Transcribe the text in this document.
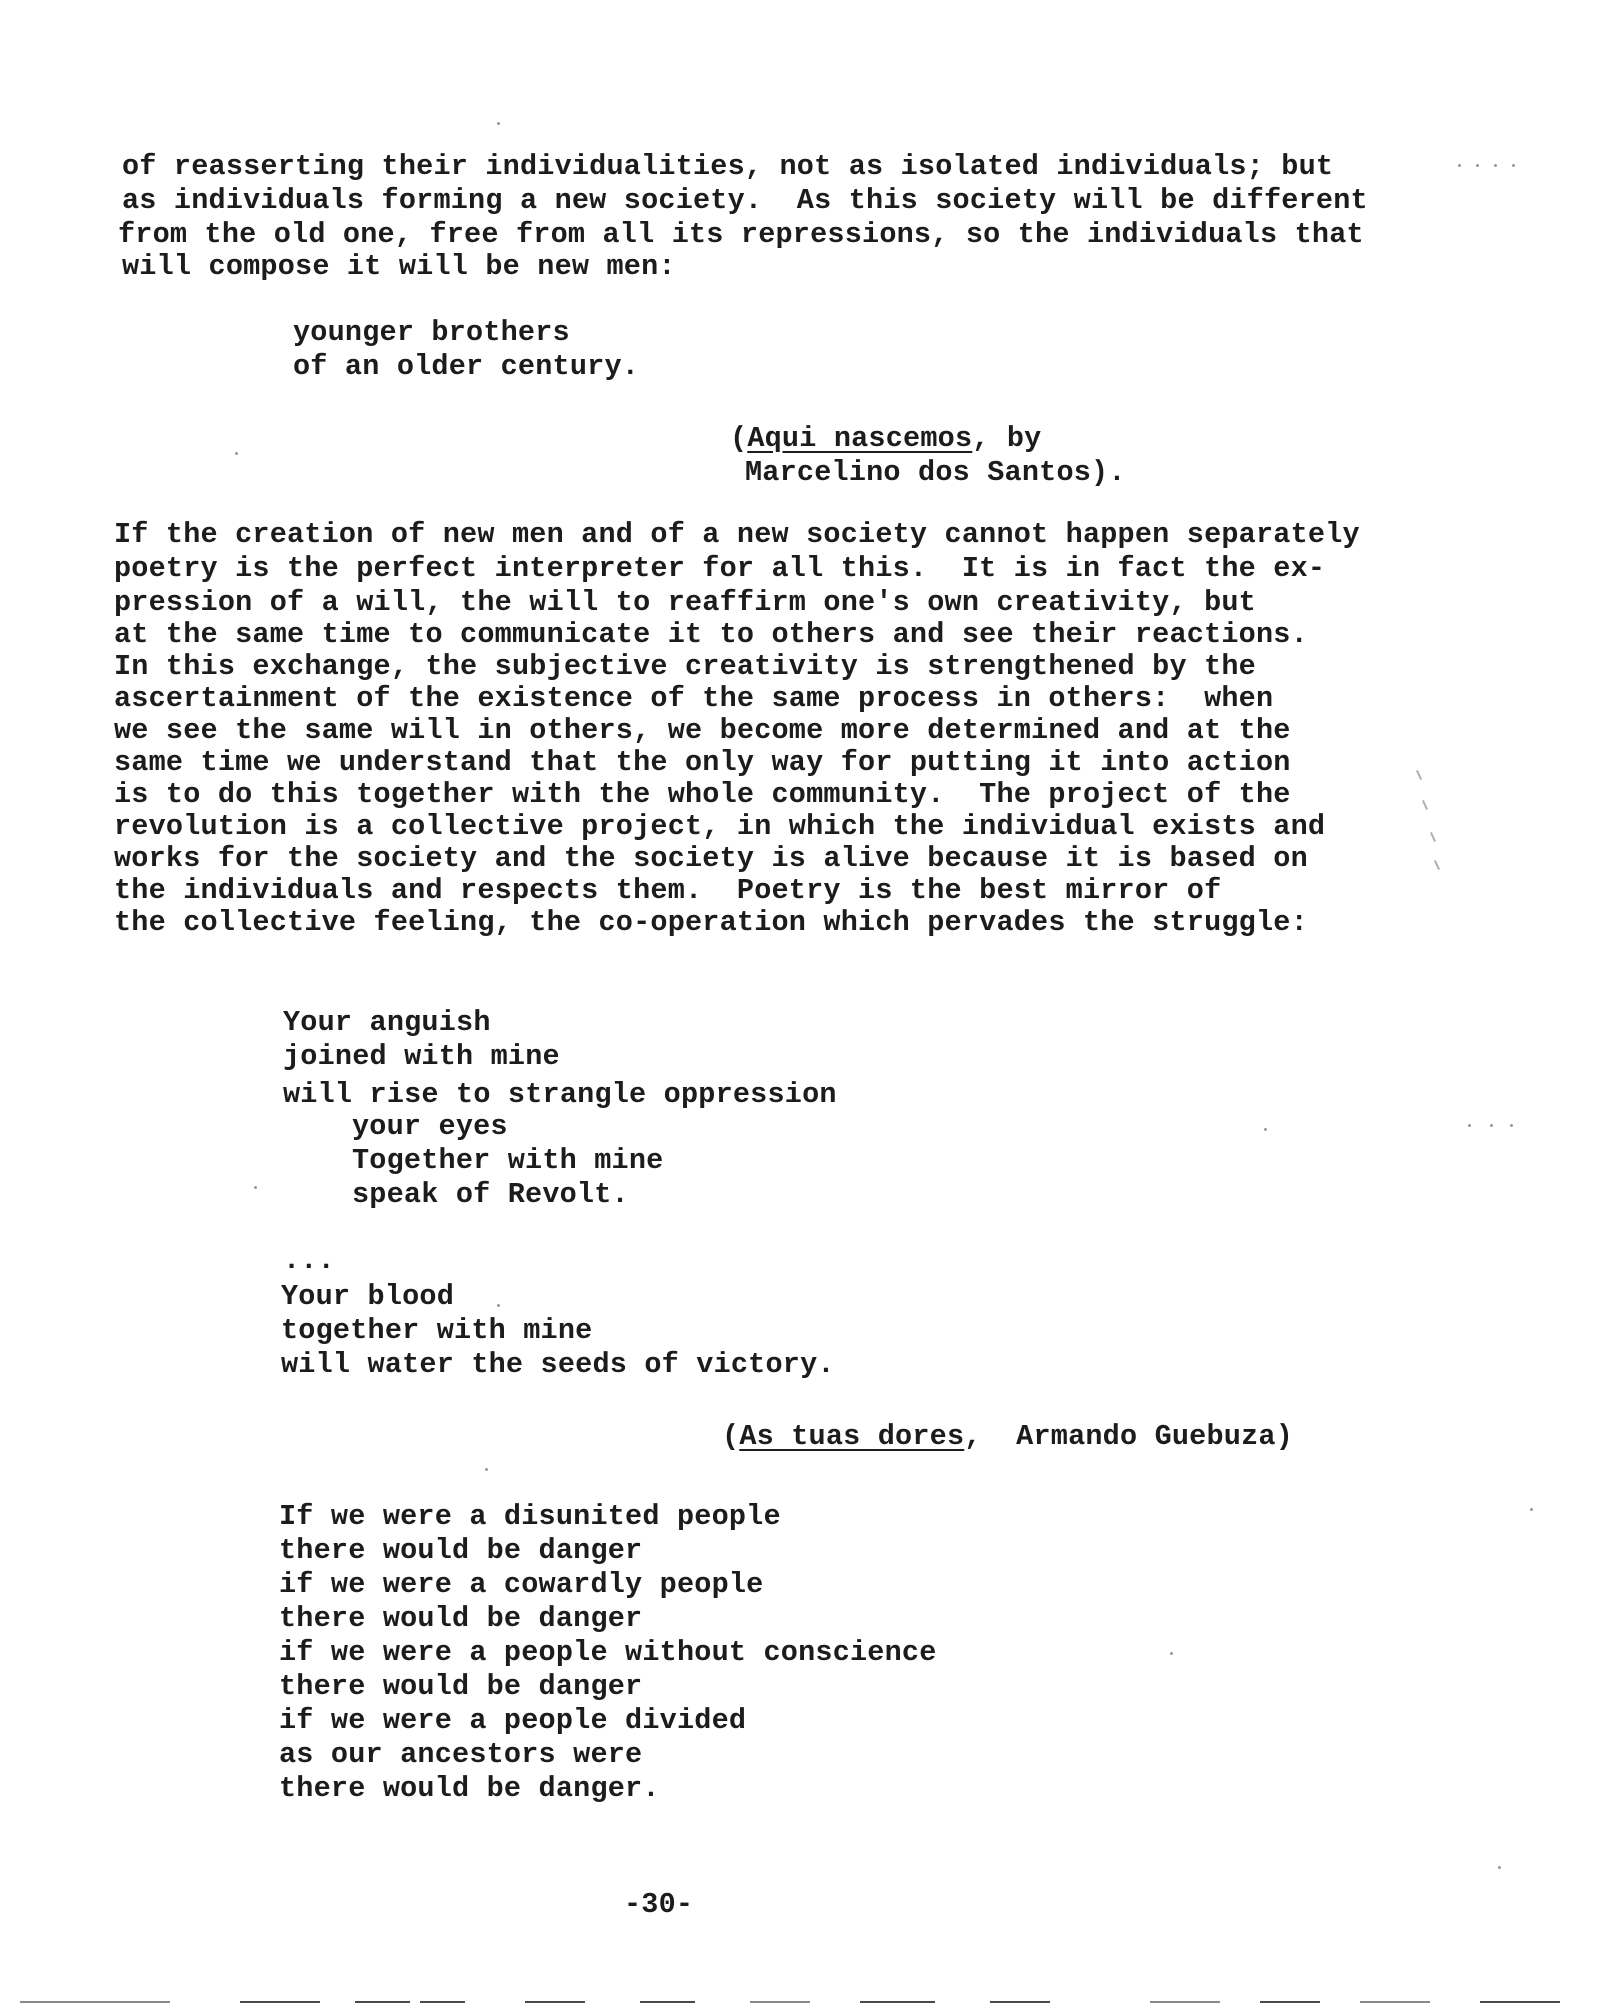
of reasserting their individualities, not as isolated individuals; but
as individuals forming a new society.  As this society will be different
from the old one, free from all its repressions, so the individuals that
will compose it will be new men:
younger brothers
of an older century.
(Aqui nascemos, by
Marcelino dos Santos).
If the creation of new men and of a new society cannot happen separately
poetry is the perfect interpreter for all this.  It is in fact the ex-
pression of a will, the will to reaffirm one's own creativity, but
at the same time to communicate it to others and see their reactions.
In this exchange, the subjective creativity is strengthened by the
ascertainment of the existence of the same process in others:  when
we see the same will in others, we become more determined and at the
same time we understand that the only way for putting it into action
is to do this together with the whole community.  The project of the
revolution is a collective project, in which the individual exists and
works for the society and the society is alive because it is based on
the individuals and respects them.  Poetry is the best mirror of
the collective feeling, the co-operation which pervades the struggle:
Your anguish
joined with mine
will rise to strangle oppression
your eyes
Together with mine
speak of Revolt.
...
Your blood
together with mine
will water the seeds of victory.
(As tuas dores,  Armando Guebuza)
If we were a disunited people
there would be danger
if we were a cowardly people
there would be danger
if we were a people without conscience
there would be danger
if we were a people divided
as our ancestors were
there would be danger.
-30-
